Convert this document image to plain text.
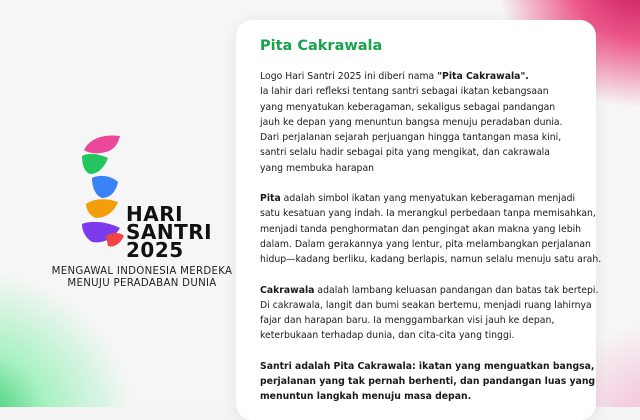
HARI
SANTRI
2025
MENGAWAL INDONESIA MERDEKA
MENUJU PERADABAN DUNIA
Pita Cakrawala
Logo Hari Santri 2025 ini diberi nama "Pita Cakrawala".
Ia lahir dari refleksi tentang santri sebagai ikatan kebangsaan
yang menyatukan keberagaman, sekaligus sebagai pandangan
jauh ke depan yang menuntun bangsa menuju peradaban dunia.
Dari perjalanan sejarah perjuangan hingga tantangan masa kini,
santri selalu hadir sebagai pita yang mengikat, dan cakrawala
yang membuka harapan
Pita adalah simbol ikatan yang menyatukan keberagaman menjadi
satu kesatuan yang indah. Ia merangkul perbedaan tanpa memisahkan,
menjadi tanda penghormatan dan pengingat akan makna yang lebih
dalam. Dalam gerakannya yang lentur, pita melambangkan perjalanan
hidup—kadang berliku, kadang berlapis, namun selalu menuju satu arah.
Cakrawala adalah lambang keluasan pandangan dan batas tak bertepi.
Di cakrawala, langit dan bumi seakan bertemu, menjadi ruang lahirnya
fajar dan harapan baru. Ia menggambarkan visi jauh ke depan,
keterbukaan terhadap dunia, dan cita-cita yang tinggi.
Santri adalah Pita Cakrawala: ikatan yang menguatkan bangsa,
perjalanan yang tak pernah berhenti, dan pandangan luas yang
menuntun langkah menuju masa depan.
